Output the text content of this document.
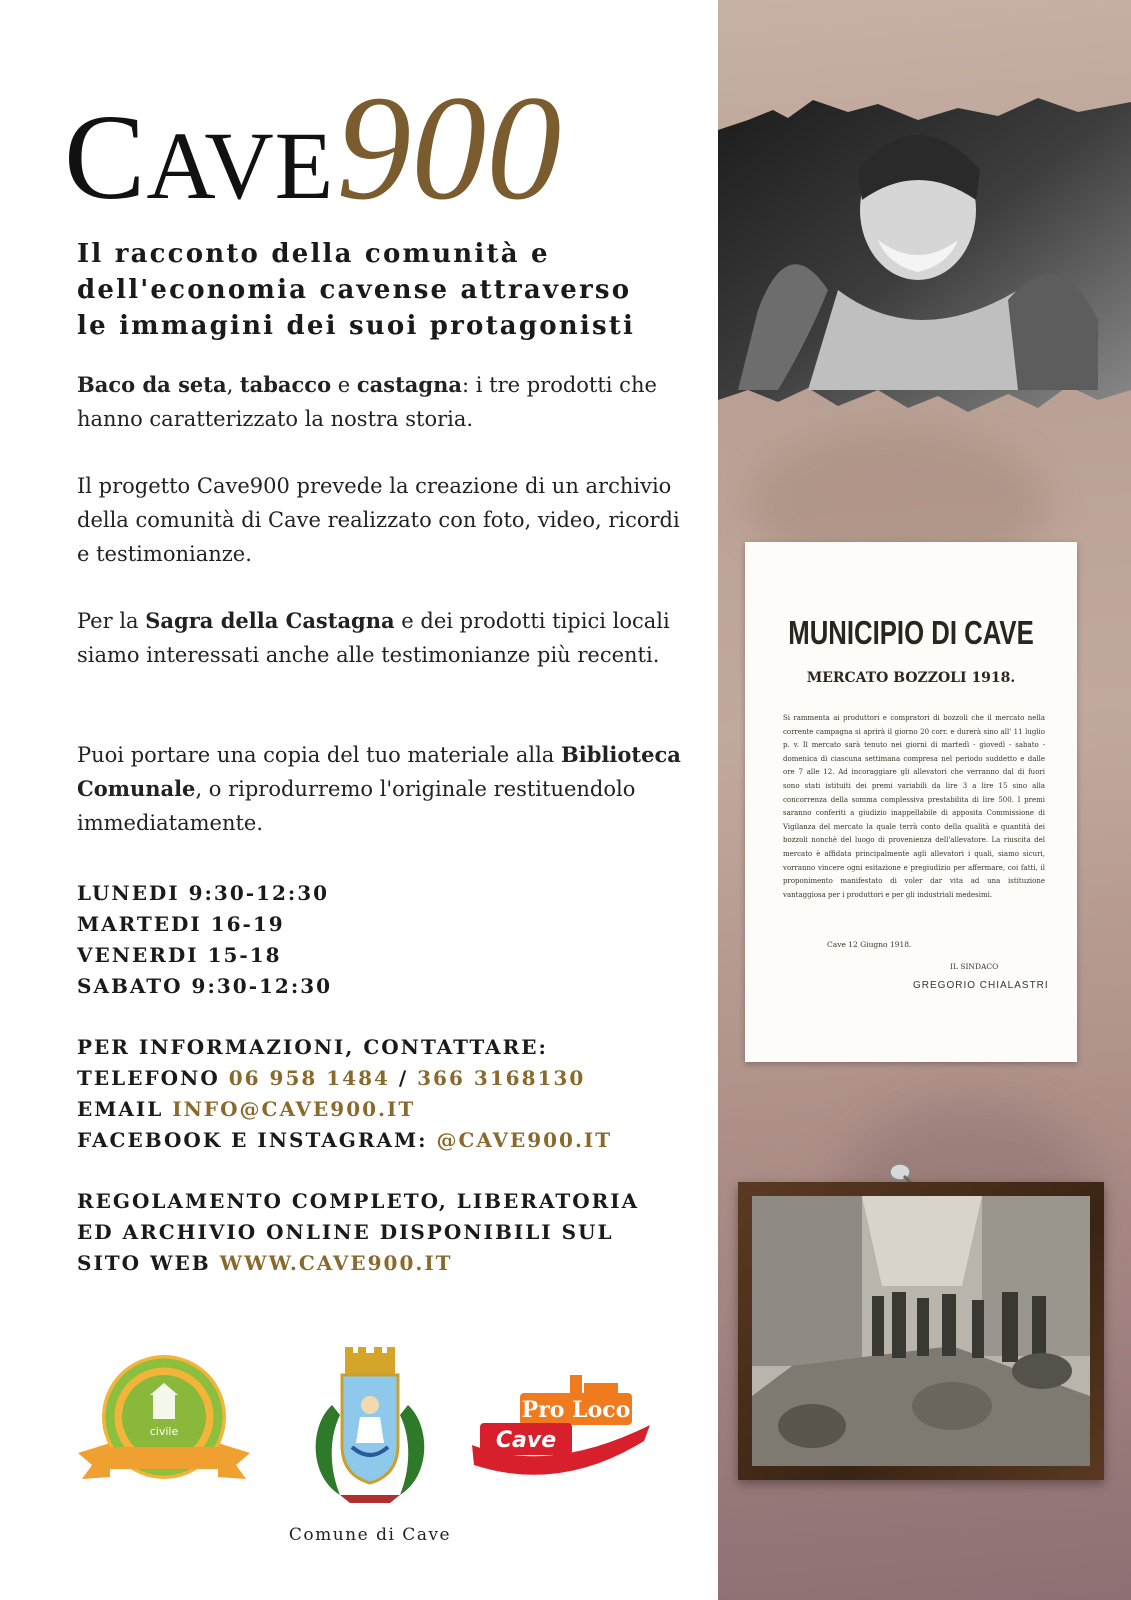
CAVE900
Il racconto della comunità e
dell'economia cavense attraverso
le immagini dei suoi protagonisti
Baco da seta, tabacco e castagna: i tre prodotti che hanno caratterizzato la nostra storia.
Il progetto Cave900 prevede la creazione di un archivio della comunità di Cave realizzato con foto, video, ricordi e testimonianze.
Per la Sagra della Castagna e dei prodotti tipici locali siamo interessati anche alle testimonianze più recenti.
Puoi portare una copia del tuo materiale alla Biblioteca Comunale, o riprodurremo l'originale restituendolo immediatamente.
LUNEDI 9:30-12:30
MARTEDI 16-19
VENERDI 15-18
SABATO 9:30-12:30
PER INFORMAZIONI, CONTATTARE:
TELEFONO 06 958 1484 / 366 3168130
EMAIL INFO@CAVE900.IT
FACEBOOK E INSTAGRAM: @CAVE900.IT
REGOLAMENTO COMPLETO, LIBERATORIA
ED ARCHIVIO ONLINE DISPONIBILI SUL
SITO WEB WWW.CAVE900.IT
civile
Pro Loco
Cave
Comune di Cave
MUNICIPIO DI CAVE
MERCATO BOZZOLI 1918.
Si rammenta ai produttori e compratori di bozzoli che il mercato nella corrente campagna si aprirà il giorno 20 corr. e durerà sino all' 11 luglio p. v. Il mercato sarà tenuto nei giorni di martedì - giovedì - sabato - domenica di ciascuna settimana compresa nel periodo suddetto e dalle ore 7 alle 12. Ad incoraggiare gli allevatori che verranno dal di fuori sono stati istituiti dei premi variabili da lire 3 a lire 15 sino alla concorrenza della somma complessiva prestabilita di lire 500. I premi saranno conferiti a giudizio inappellabile di apposita Commissione di Vigilanza del mercato la quale terrà conto della qualità e quantità dei bozzoli nonchè del luogo di provenienza dell'allevatore. La riuscita del mercato è affidata principalmente agli allevatori i quali, siamo sicuri, vorranno vincere ogni esitazione e pregiudizio per affermare, coi fatti, il proponimento manifestato di voler dar vita ad una istituzione vantaggiosa per i produttori e per gli industriali medesimi.
Cave 12 Giugno 1918.
IL SINDACO
GREGORIO CHIALASTRI
